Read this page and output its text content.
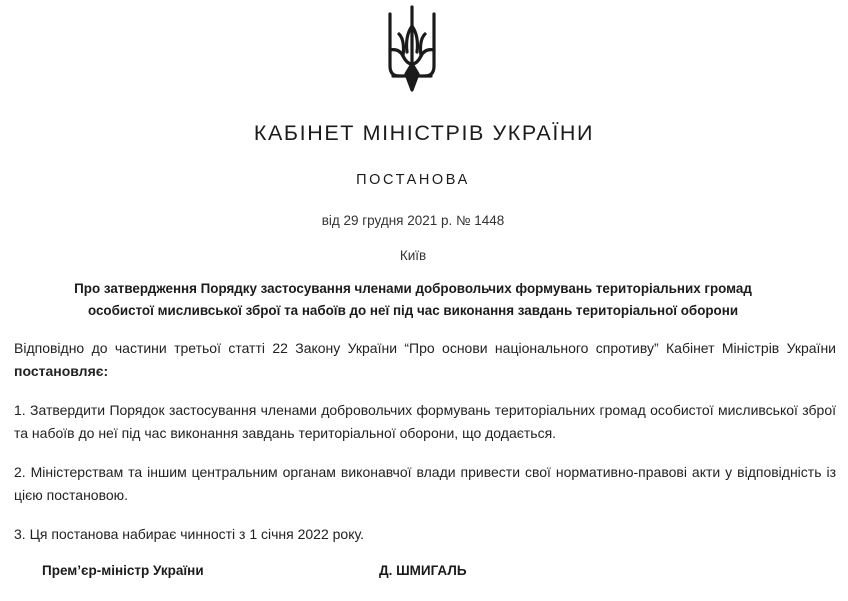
КАБІНЕТ МІНІСТРІВ УКРАЇНИ
ПОСТАНОВА
від 29 грудня 2021 р. № 1448
Київ
Про затвердження Порядку застосування членами добровольчих формувань територіальних громад
особистої мисливської зброї та набоїв до неї під час виконання завдань територіальної оборони
Відповідно до частини третьої статті 22 Закону України “Про основи національного спротиву” Кабінет Міністрів України постановляє:
1. Затвердити Порядок застосування членами добровольчих формувань територіальних громад особистої мисливської зброї та набоїв до неї під час виконання завдань територіальної оборони, що додається.
2. Міністерствам та іншим центральним органам виконавчої влади привести свої нормативно-правові акти у відповідність із цією постановою.
3. Ця постанова набирає чинності з 1 січня 2022 року.
Прем’єр-міністр України	Д. ШМИГАЛЬ
